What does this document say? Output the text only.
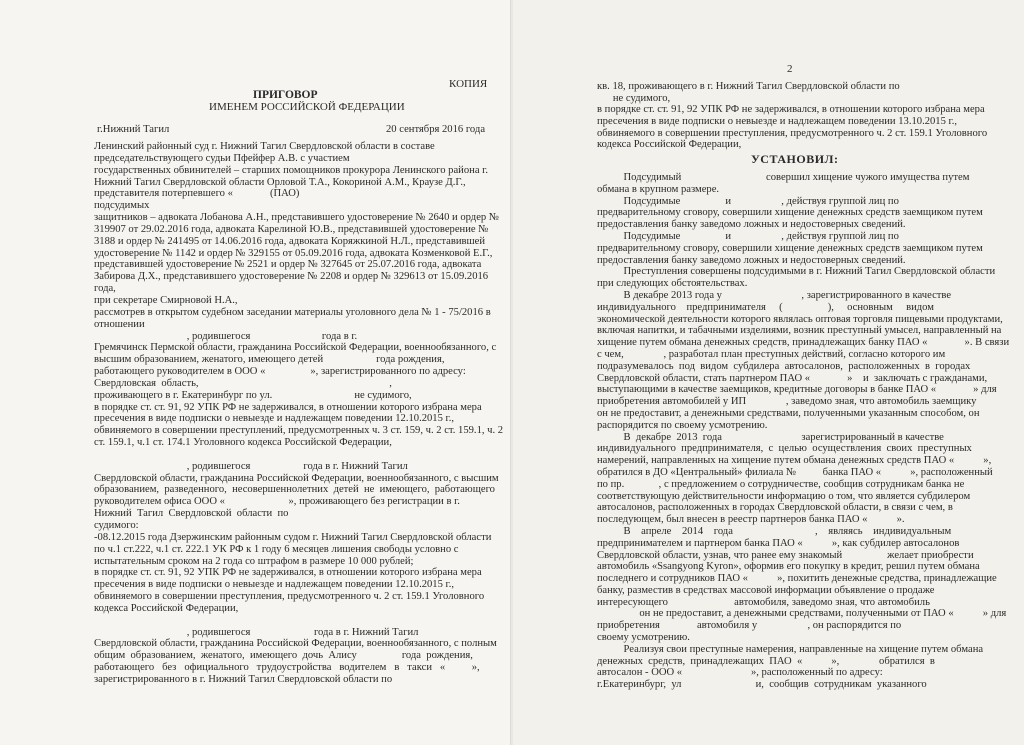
КОПИЯ
ПРИГОВОР
ИМЕНЕМ РОССИЙСКОЙ ФЕДЕРАЦИИ
г.Нижний Тагил	20 сентября 2016 года

Ленинский районный суд г. Нижний Тагил Свердловской области в составе

председательствующего судьи Пфейфер А.В. с участием

государственных обвинителей – старших помощников прокурора Ленинского района г.

Нижний Тагил Свердловской области Орловой Т.А., Кокориной А.М., Краузе Д.Г.,

представителя потерпевшего «              (ПАО)

подсудимых

защитников – адвоката Лобанова А.Н., представившего удостоверение № 2640 и ордер №

319907 от 29.02.2016 года, адвоката Карелиной Ю.В., представившей удостоверение №

3188 и ордер № 241495 от 14.06.2016 года, адвоката Коряжкиной Н.Л., представившей

удостоверение № 1142 и ордер № 329155 от 05.09.2016 года, адвоката Козменковой Е.Г.,

представившей удостоверение № 2521 и ордер № 327645 от 25.07.2016 года, адвоката

Забирова Д.Х., представившего удостоверение № 2208 и ордер № 329613 от 15.09.2016

года,

при секретаре Смирновой Н.А.,

рассмотрев в открытом судебном заседании материалы уголовного дела № 1 - 75/2016 в

отношении

, родившегося                           года в г.

Гремячинск Пермской области, гражданина Российской Федерации, военнообязанного, с

высшим образованием, женатого, имеющего детей                    года рождения,

работающего руководителем в ООО «                 », зарегистрированного по адресу:

Свердловская  область,                                                                        ,

проживающего в г. Екатеринбург по ул.                               не судимого,

в порядке ст. ст. 91, 92 УПК РФ не задерживался, в отношении которого избрана мера

пресечения в виде подписки о невыезде и надлежащем поведении 12.10.2015 г.,

обвиняемого в совершении преступлений, предусмотренных ч. 3 ст. 159, ч. 2 ст. 159.1, ч. 2

ст. 159.1, ч.1 ст. 174.1 Уголовного кодекса Российской Федерации,

, родившегося                    года в г. Нижний Тагил

Свердловской области, гражданина Российской Федерации, военнообязанного, с высшим

образованием,  разведенного,  несовершеннолетних  детей  не  имеющего,  работающего

руководителем офиса ООО «                        », проживающего без регистрации в г.

Нижний  Тагил  Свердловской  области  по

судимого:

-08.12.2015 года Дзержинским районным судом г. Нижний Тагил Свердловской области

по ч.1 ст.222, ч.1 ст. 222.1 УК РФ к 1 году 6 месяцев лишения свободы условно с

испытательным сроком на 2 года со штрафом в размере 10 000 рублей;

в порядке ст. ст. 91, 92 УПК РФ не задерживался, в отношении которого избрана мера

пресечения в виде подписки о невыезде и надлежащем поведении 12.10.2015 г.,

обвиняемого в совершении преступления, предусмотренного ч. 2 ст. 159.1 Уголовного

кодекса Российской Федерации,

, родившегося                        года в г. Нижний Тагил

Свердловской области, гражданина Российской Федерации, военнообязанного, с полным

общим  образованием,  женатого,  имеющего  дочь  Алису                 года  рождения,

работающего   без   официального   трудоустройства   водителем   в   такси   «          »,

зарегистрированного в г. Нижний Тагил Свердловской области по

2

кв. 18, проживающего в г. Нижний Тагил Свердловской области по

не судимого,

в порядке ст. ст. 91, 92 УПК РФ не задерживался, в отношении которого избрана мера

пресечения в виде подписки о невыезде и надлежащем поведении 13.10.2015 г.,

обвиняемого в совершении преступления, предусмотренного ч. 2 ст. 159.1 Уголовного

кодекса Российской Федерации,

УСТАНОВИЛ:

Подсудимый                                совершил хищение чужого имущества путем

обмана в крупном размере.

Подсудимые                 и                   , действуя группой лиц по

предварительному сговору, совершили хищение денежных средств заемщиком путем

предоставления банку заведомо ложных и недостоверных сведений.

Подсудимые                 и                   , действуя группой лиц по

предварительному сговору, совершили хищение денежных средств заемщиком путем

предоставления банку заведомо ложных и недостоверных сведений.

Преступления совершены подсудимыми в г. Нижний Тагил Свердловской области

при следующих обстоятельствах.

В декабре 2013 года у                              , зарегистрированного в качестве

индивидуального    предпринимателя     (                 ),     основным     видом

экономической деятельности которого являлась оптовая торговля пищевыми продуктами,

включая напитки, и табачными изделиями, возник преступный умысел, направленный на

хищение путем обмана денежных средств, принадлежащих банку ПАО «              ». В связи

с чем,               , разработал план преступных действий, согласно которого им

подразумевалось  под  видом  субдилера  автосалонов,  расположенных  в  городах

Свердловской области, стать партнером ПАО «              »    и  заключать с гражданами,

выступающими в качестве заемщиков, кредитные договоры в банке ПАО «              » для

приобретения автомобилей у ИП               , заведомо зная, что автомобиль заемщику

он не предоставит, а денежными средствами, полученными указанным способом, он

распорядится по своему усмотрению.

В  декабре  2013  года                              зарегистрированный в качестве

индивидуального  предпринимателя,  с  целью  осуществления  своих  преступных

намерений, направленных на хищение путем обмана денежных средств ПАО «           »,

обратился в ДО «Центральный» филиала №          банка ПАО «           », расположенный

по пр.             , с предложением о сотрудничестве, сообщив сотрудникам банка не

соответствующую действительности информацию о том, что является субдилером

автосалонов, расположенных в городах Свердловской области, в связи с чем, в

последующем, был внесен в реестр партнеров банка ПАО «           ».

В    апреле    2014    года                               ,    являясь    индивидуальным

предпринимателем и партнером банка ПАО «           », как субдилер автосалонов

Свердловской области, узнав, что ранее ему знакомый                 желает приобрести

автомобиль «Ssangyong Kyron», оформив его покупку в кредит, решил путем обмана

последнего и сотрудников ПАО «           », похитить денежные средства, принадлежащие

банку, разместив в средствах массовой информации объявление о продаже

интересующего                         автомобиля, заведомо зная, что автомобиль

он не предоставит, а денежными средствами, полученными от ПАО «           » для

приобретения              автомобиля у                   , он распорядится по

своему усмотрению.

Реализуя свои преступные намерения, направленные на хищение путем обмана

денежных  средств,  принадлежащих  ПАО  «           »,               обратился  в

автосалон - ООО «                          », расположенный по адресу:

г.Екатеринбург,  ул                            и,  сообщив  сотрудникам  указанного
